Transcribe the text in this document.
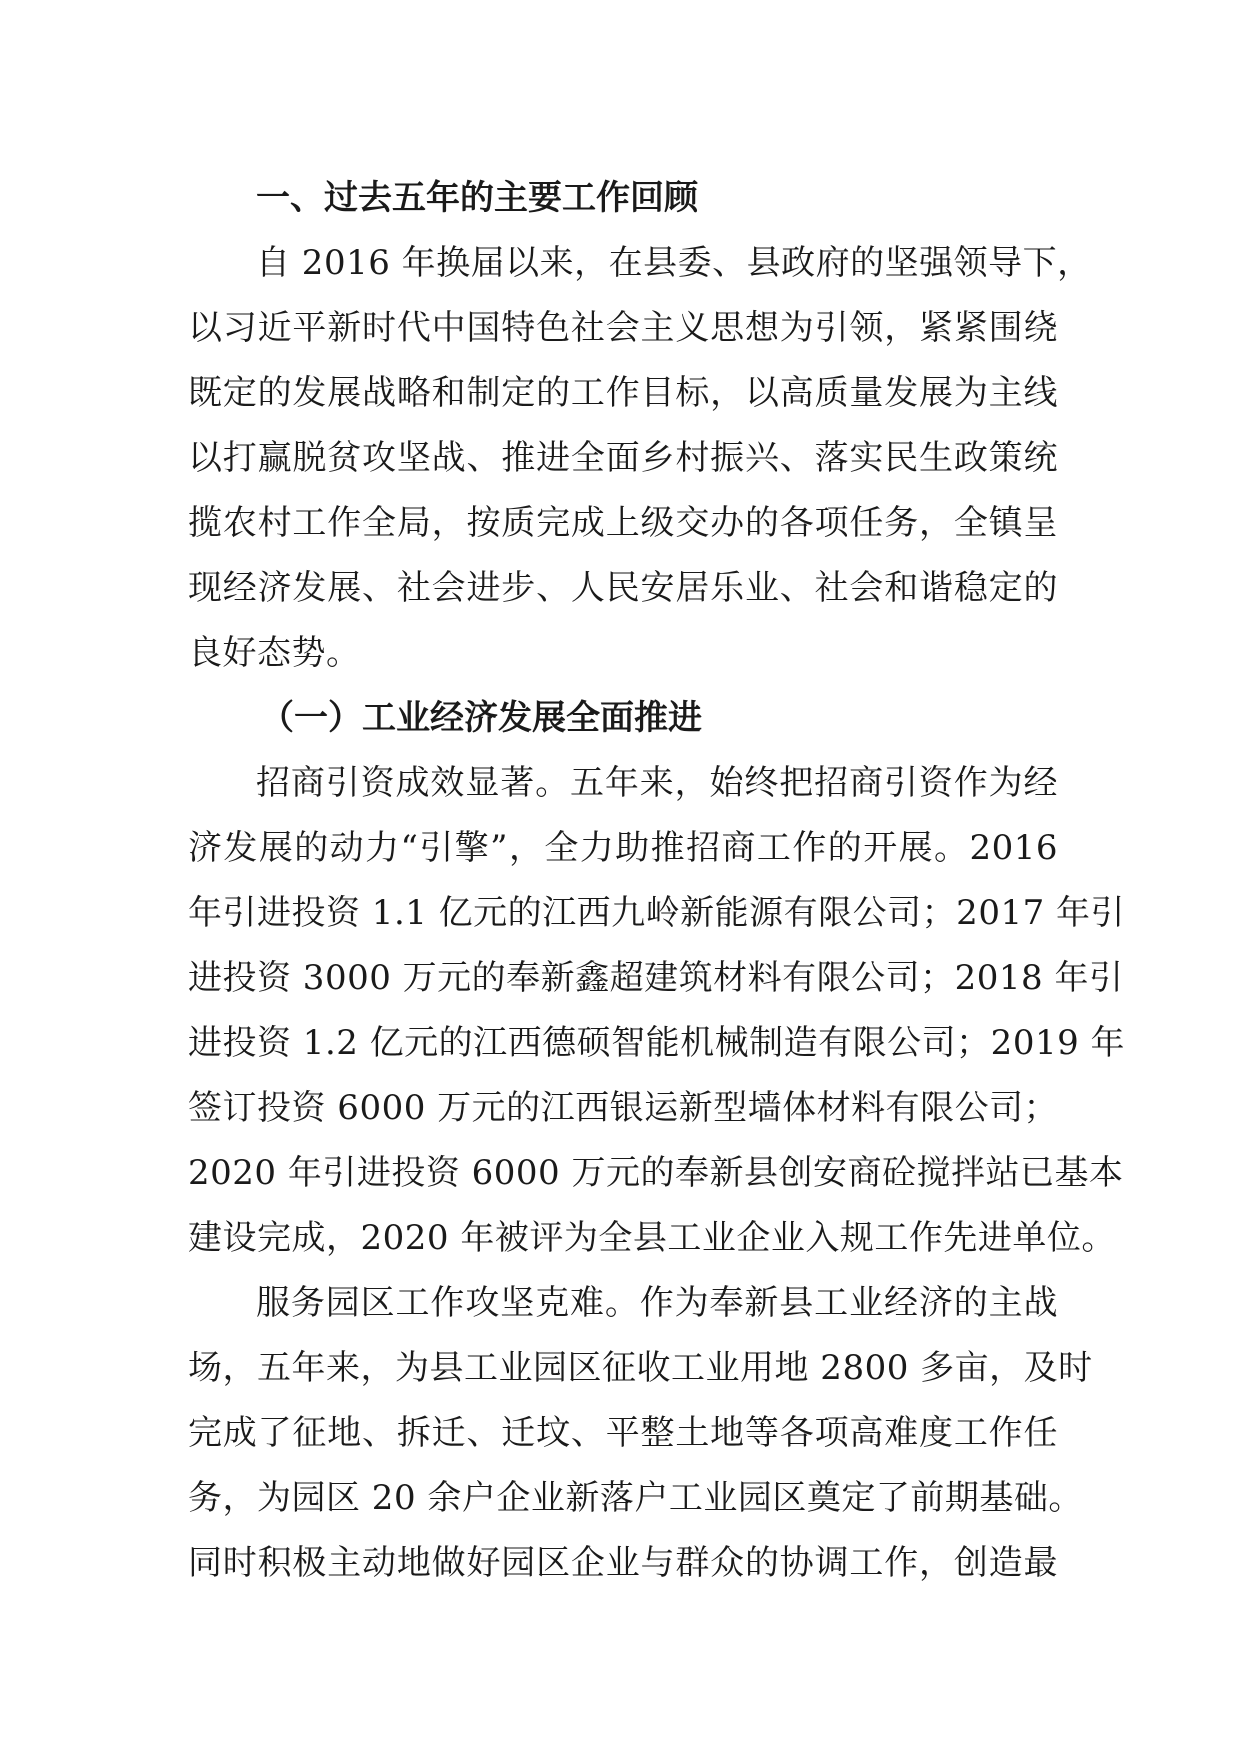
一、过去五年的主要工作回顾
自 2016 年换届以来，在县委、县政府的坚强领导下，
以习近平新时代中国特色社会主义思想为引领，紧紧围绕
既定的发展战略和制定的工作目标，以高质量发展为主线
以打赢脱贫攻坚战、推进全面乡村振兴、落实民生政策统
揽农村工作全局，按质完成上级交办的各项任务，全镇呈
现经济发展、社会进步、人民安居乐业、社会和谐稳定的
良好态势。
（一）工业经济发展全面推进
招商引资成效显著。五年来，始终把招商引资作为经
济发展的动力“引擎”，全力助推招商工作的开展。2016
年引进投资 1.1 亿元的江西九岭新能源有限公司；2017 年引
进投资 3000 万元的奉新鑫超建筑材料有限公司；2018 年引
进投资 1.2 亿元的江西德硕智能机械制造有限公司；2019 年
签订投资 6000 万元的江西银运新型墙体材料有限公司；
2020 年引进投资 6000 万元的奉新县创安商砼搅拌站已基本
建设完成，2020 年被评为全县工业企业入规工作先进单位。
服务园区工作攻坚克难。作为奉新县工业经济的主战
场，五年来，为县工业园区征收工业用地 2800 多亩，及时
完成了征地、拆迁、迁坟、平整土地等各项高难度工作任
务，为园区 20 余户企业新落户工业园区奠定了前期基础。
同时积极主动地做好园区企业与群众的协调工作，创造最
